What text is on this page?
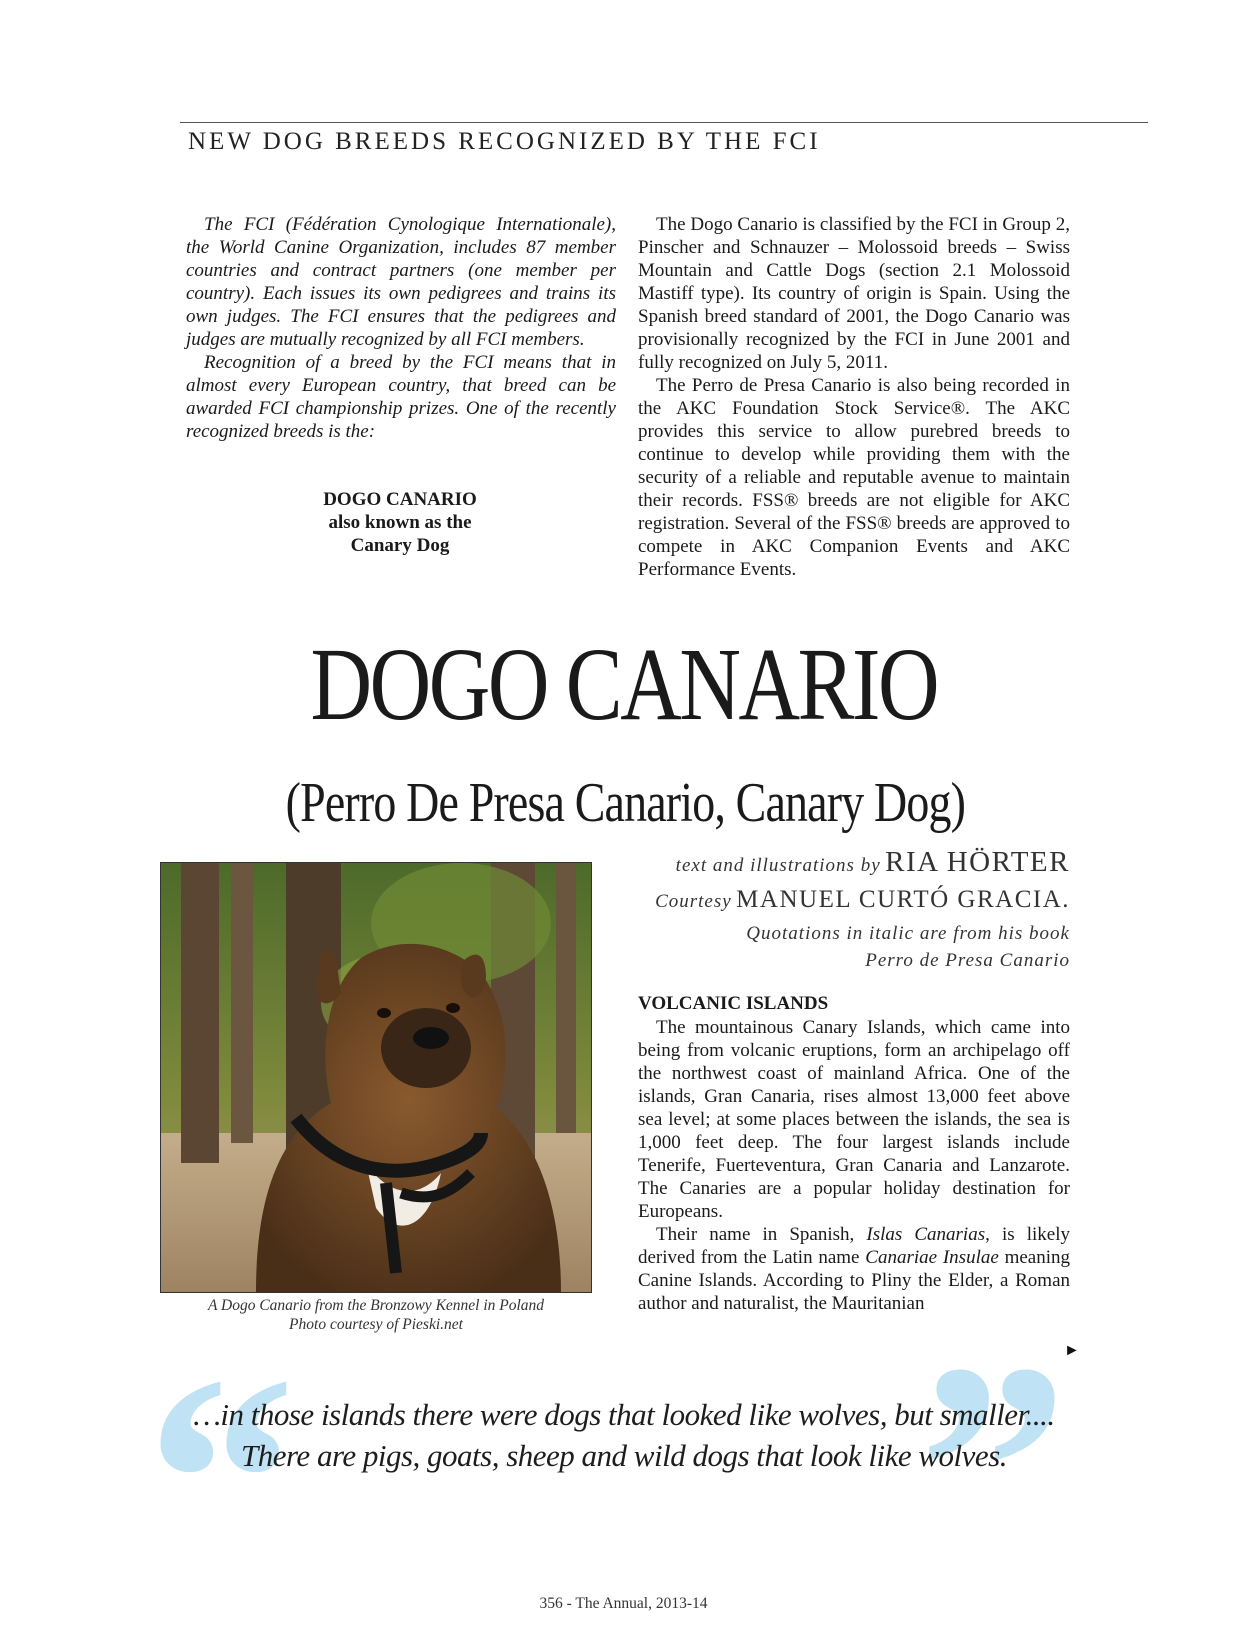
NEW DOG BREEDS RECOGNIZED BY THE FCI

The FCI (Fédération Cynologique Internationale), the World Canine Organization, includes 87 member countries and contract partners (one member per country). Each issues its own pedigrees and trains its own judges. The FCI ensures that the pedigrees and judges are mutually recognized by all FCI members.

Recognition of a breed by the FCI means that in almost every European country, that breed can be awarded FCI championship prizes. One of the recently recognized breeds is the:

DOGO CANARIO
also known as the
Canary Dog

The Dogo Canario is classified by the FCI in Group 2, Pinscher and Schnauzer – Molossoid breeds – Swiss Mountain and Cattle Dogs (section 2.1 Molossoid Mastiff type). Its country of origin is Spain. Using the Spanish breed standard of 2001, the Dogo Canario was provisionally recognized by the FCI in June 2001 and fully recognized on July 5, 2011.

The Perro de Presa Canario is also being recorded in the AKC Foundation Stock Service®. The AKC provides this service to allow purebred breeds to continue to develop while providing them with the security of a reliable and reputable avenue to maintain their records. FSS® breeds are not eligible for AKC registration. Several of the FSS® breeds are approved to compete in AKC Companion Events and AKC Performance Events.

DOGO CANARIO
(Perro De Presa Canario, Canary Dog)
A Dogo Canario from the Bronzowy Kennel in Poland
Photo courtesy of Pieski.net
text and illustrations by RIA HÖRTER
Courtesy MANUEL CURTÓ GRACIA.
Quotations in italic are from his book
Perro de Presa Canario
VOLCANIC ISLANDS

The mountainous Canary Islands, which came into being from volcanic eruptions, form an archipelago off the northwest coast of mainland Africa. One of the islands, Gran Canaria, rises almost 13,000 feet above sea level; at some places between the islands, the sea is 1,000 feet deep. The four largest islands include Tenerife, Fuerteventura, Gran Canaria and Lanzarote. The Canaries are a popular holiday destination for Europeans.

Their name in Spanish, Islas Canarias, is likely derived from the Latin name Canariae Insulae meaning Canine Islands. According to Pliny the Elder, a Roman author and naturalist, the Mauritanian

►
“ ”
…in those islands there were dogs that looked like wolves, but smaller....
There are pigs, goats, sheep and wild dogs that look like wolves.
356 - The Annual, 2013-14
